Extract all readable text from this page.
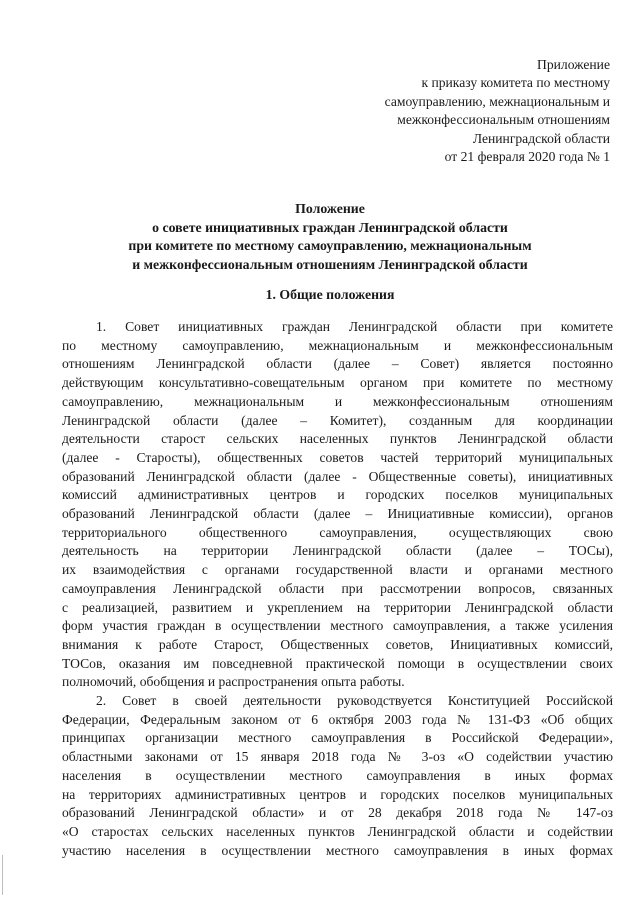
Приложение
к приказу комитета по местному
самоуправлению, межнациональным и
межконфессиональным отношениям
Ленинградской области
от 21 февраля 2020 года № 1
Положение
о совете инициативных граждан Ленинградской области
при комитете по местному самоуправлению, межнациональным
и межконфессиональным отношениям Ленинградской области
1. Общие положения
1. Совет инициативных граждан Ленинградской области при комитете
по местному самоуправлению, межнациональным и межконфессиональным
отношениям Ленинградской области (далее – Совет) является постоянно
действующим консультативно-совещательным органом при комитете по местному
самоуправлению, межнациональным и межконфессиональным отношениям
Ленинградской области (далее – Комитет), созданным для координации
деятельности старост сельских населенных пунктов Ленинградской области
(далее - Старосты), общественных советов частей территорий муниципальных
образований Ленинградской области (далее - Общественные советы), инициативных
комиссий административных центров и городских поселков муниципальных
образований Ленинградской области (далее – Инициативные комиссии), органов
территориального общественного самоуправления, осуществляющих свою
деятельность на территории Ленинградской области (далее – ТОСы),
их взаимодействия с органами государственной власти и органами местного
самоуправления Ленинградской области при рассмотрении вопросов, связанных
с реализацией, развитием и укреплением на территории Ленинградской области
форм участия граждан в осуществлении местного самоуправления, а также усиления
внимания к работе Старост, Общественных советов, Инициативных комиссий,
ТОСов, оказания им повседневной практической помощи в осуществлении своих
полномочий, обобщения и распространения опыта работы.
2. Совет в своей деятельности руководствуется Конституцией Российской
Федерации, Федеральным законом от 6 октября 2003 года № 131-ФЗ «Об общих
принципах организации местного самоуправления в Российской Федерации»,
областными законами от 15 января 2018 года № 3-оз «О содействии участию
населения в осуществлении местного самоуправления в иных формах
на территориях административных центров и городских поселков муниципальных
образований Ленинградской области» и от 28 декабря 2018 года № 147-оз
«О старостах сельских населенных пунктов Ленинградской области и содействии
участию населения в осуществлении местного самоуправления в иных формах
